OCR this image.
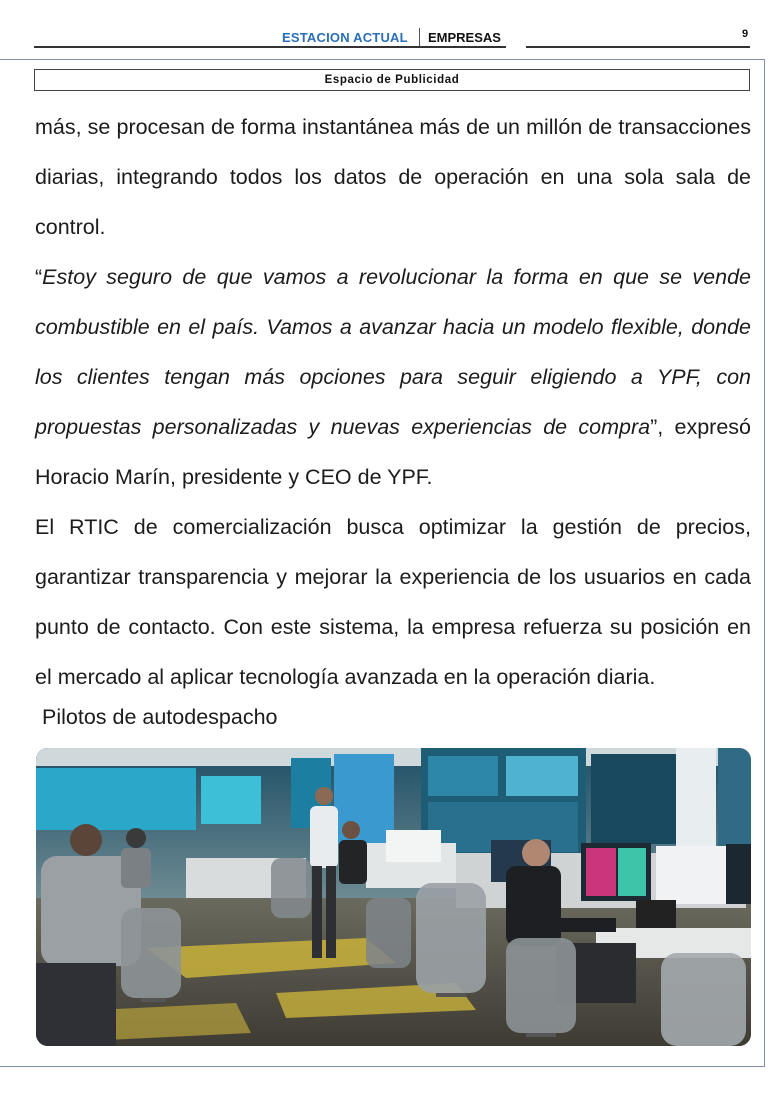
ESTACION ACTUAL EMPRESAS	9
Espacio de Publicidad

más, se procesan de forma instantánea más de un millón de transacciones diarias, integrando todos los datos de operación en una sola sala de control.

“Estoy seguro de que vamos a revolucionar la forma en que se vende combustible en el país. Vamos a avanzar hacia un modelo flexible, donde los clientes tengan más opciones para seguir eligiendo a YPF, con propuestas personalizadas y nuevas experiencias de compra”, expresó Horacio Marín, presidente y CEO de YPF.

El RTIC de comercialización busca optimizar la gestión de precios, garantizar transparencia y mejorar la experiencia de los usuarios en cada punto de contacto. Con este sistema, la empresa refuerza su posición en el mercado al aplicar tecnología avanzada en la operación diaria.

Pilotos de autodespacho
